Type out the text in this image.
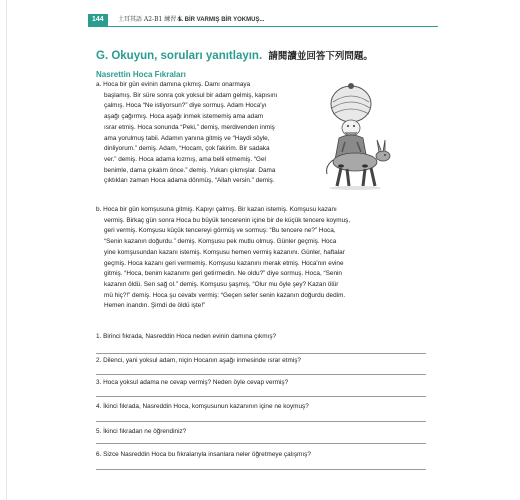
144	土耳其語 A2-B1 練習本
1. BİR VARMIŞ BİR YOKMUŞ...
G. Okuyun, soruları yanıtlayın. 請閱讀並回答下列問題。
Nasrettin Hoca Fıkraları
a. Hoca bir gün evinin damına çıkmış. Damı onarmaya
başlamış. Bir süre sonra çok yoksul bir adam gelmiş, kapısını
çalmış. Hoca “Ne istiyorsun?” diye sormuş. Adam Hoca'yı
aşağı çağırmış. Hoca aşağı inmek istememiş ama adam
ısrar etmiş. Hoca sonunda “Peki,” demiş, merdivenden inmiş
ama yorulmuş tabii. Adamın yanına gitmiş ve “Haydi söyle,
dinliyorum.” demiş. Adam, “Hocam, çok fakirim. Bir sadaka
ver.” demiş. Hoca adama kızmış, ama belli etmemiş. “Gel
benimle, dama çıkalım önce.” demiş. Yukarı çıkmışlar. Dama
çıktıkları zaman Hoca adama dönmüş, “Allah versin.” demiş.
b. Hoca bir gün komşusuna gitmiş. Kapıyı çalmış. Bir kazan istemiş. Komşusu kazanı
vermiş. Birkaç gün sonra Hoca bu büyük tencerenin içine bir de küçük tencere koymuş,
geri vermiş. Komşusu küçük tencereyi görmüş ve sormuş: “Bu tencere ne?” Hoca,
“Senin kazanın doğurdu.” demiş. Komşusu pek mutlu olmuş. Günler geçmiş. Hoca
yine komşusundan kazanı istemiş. Komşusu hemen vermiş kazanını. Günler, haftalar
geçmiş. Hoca kazanı geri vermemiş. Komşusu kazanını merak etmiş. Hoca'nın evine
gitmiş. “Hoca, benim kazanımı geri getirmedin. Ne oldu?” diye sormuş. Hoca, “Senin
kazanın öldü. Sen sağ ol.” demiş. Komşusu şaşmış, “Olur mu öyle şey? Kazan ölür
mü hiç?!” demiş. Hoca şu cevabı vermiş: “Geçen sefer senin kazanın doğurdu dedim.
Hemen inandın. Şimdi de öldü işte!”
1. Birinci fıkrada, Nasreddin Hoca neden evinin damına çıkmış?
2. Dilenci, yani yoksul adam, niçin Hocanın aşağı inmesinde ısrar etmiş?
3. Hoca yoksul adama ne cevap vermiş? Neden öyle cevap vermiş?
4. İkinci fıkrada, Nasreddin Hoca, komşusunun kazanının içine ne koymuş?
5. İkinci fıkradan ne öğrendiniz?
6. Sizce Nasreddin Hoca bu fıkralarıyla insanlara neler öğretmeye çalışmış?
